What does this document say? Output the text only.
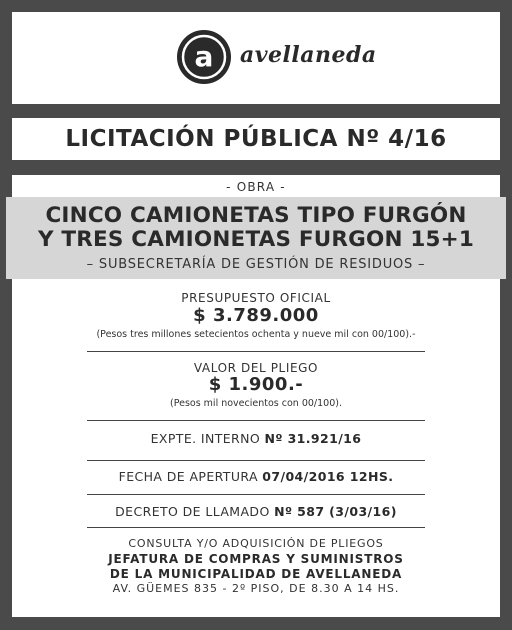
a avellaneda
LICITACIÓN PÚBLICA Nº 4/16
- OBRA -
CINCO CAMIONETAS TIPO FURGÓN
Y TRES CAMIONETAS FURGON 15+1
– SUBSECRETARÍA DE GESTIÓN DE RESIDUOS –
PRESUPUESTO OFICIAL
$ 3.789.000
(Pesos tres millones setecientos ochenta y nueve mil con 00/100).-
VALOR DEL PLIEGO
$ 1.900.-
(Pesos mil novecientos con 00/100).
EXPTE. INTERNO Nº 31.921/16
FECHA DE APERTURA 07/04/2016 12HS.
DECRETO DE LLAMADO Nº 587 (3/03/16)
CONSULTA Y/O ADQUISICIÓN DE PLIEGOS
JEFATURA DE COMPRAS Y SUMINISTROS
DE LA MUNICIPALIDAD DE AVELLANEDA
AV. GÜEMES 835 - 2º PISO, DE 8.30 A 14 HS.
